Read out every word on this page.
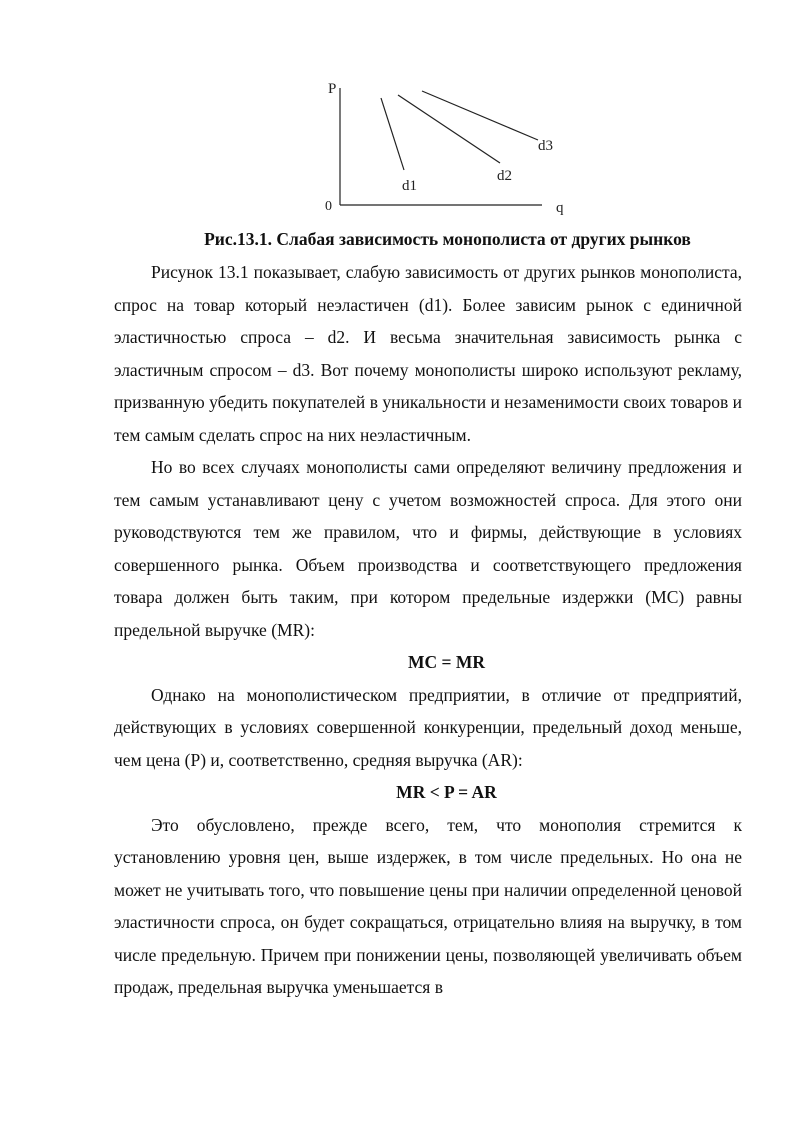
P
q
0
d1
d2
d3
Рис.13.1. Слабая зависимость монополиста от других рынков

Рисунок 13.1 показывает, слабую зависимость от других рынков монополиста, спрос на товар который неэластичен (d1). Более зависим рынок с единичной эластичностью спроса – d2. И весьма значительная зависимость рынка с эластичным спросом – d3. Вот почему монополисты широко используют рекламу, призванную убедить покупателей в уникальности и незаменимости своих товаров и тем самым сделать спрос на них неэластичным.

Но во всех случаях монополисты сами определяют величину предложения и тем самым устанавливают цену с учетом возможностей спроса. Для этого они руководствуются тем же правилом, что и фирмы, действующие в условиях совершенного рынка. Объем производства и соответствующего предложения товара должен быть таким, при котором предельные издержки (МС) равны предельной выручке (MR):

MC = MR

Однако на монополистическом предприятии, в отличие от предприятий, действующих в условиях совершенной конкуренции, предельный доход меньше, чем цена (P) и, соответственно, средняя выручка (AR):

MR < P = AR

Это обусловлено, прежде всего, тем, что монополия стремится к установлению уровня цен, выше издержек, в том числе предельных. Но она не может не учитывать того, что повышение цены при наличии определенной ценовой эластичности спроса, он будет сокращаться, отрицательно влияя на выручку, в том числе предельную. Причем при понижении цены, позволяющей увеличивать объем продаж, предельная выручка уменьшается в
